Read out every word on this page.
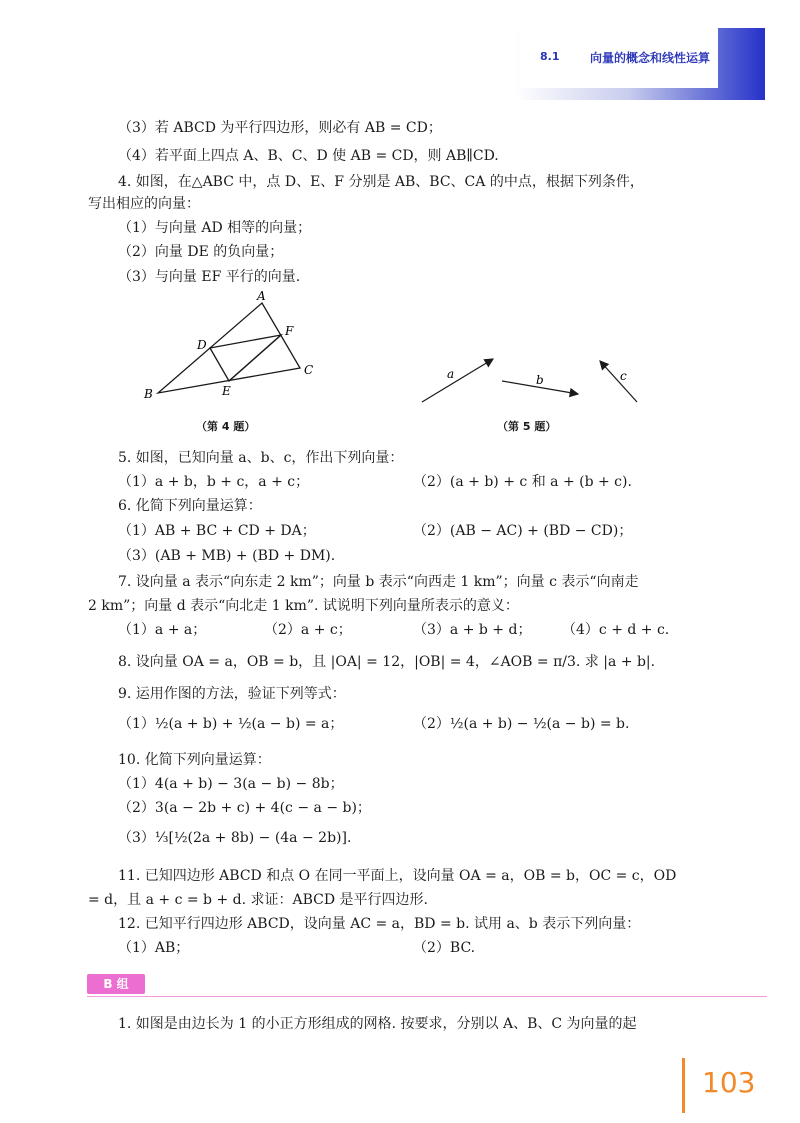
8.1	向量的概念和线性运算
（3）若 ABCD 为平行四边形，则必有 AB = CD；
（4）若平面上四点 A、B、C、D 使 AB = CD，则 AB∥CD.
4. 如图，在△ABC 中，点 D、E、F 分别是 AB、BC、CA 的中点，根据下列条件，
写出相应的向量：
（1）与向量 AD 相等的向量；
（2）向量 DE 的负向量；
（3）与向量 EF 平行的向量.
A
B
C
D
E
F
（第 4 题）
a	b	c
（第 5 题）
5. 如图，已知向量 a、b、c，作出下列向量：
（1）a + b，b + c，a + c；	（2）(a + b) + c 和 a + (b + c).
6. 化简下列向量运算：
（1）AB + BC + CD + DA；	（2）(AB − AC) + (BD − CD)；
（3）(AB + MB) + (BD + DM).
7. 设向量 a 表示“向东走 2 km”；向量 b 表示“向西走 1 km”；向量 c 表示“向南走
2 km”；向量 d 表示“向北走 1 km”. 试说明下列向量所表示的意义：
（1）a + a；	（2）a + c；	（3）a + b + d； （4）c + d + c.
8. 设向量 OA = a，OB = b，且 |OA| = 12，|OB| = 4，∠AOB = π/3. 求 |a + b|.
9. 运用作图的方法，验证下列等式：
（1）½(a + b) + ½(a − b) = a；	（2）½(a + b) − ½(a − b) = b.
10. 化简下列向量运算：
（1）4(a + b) − 3(a − b) − 8b；
（2）3(a − 2b + c) + 4(c − a − b)；
（3）⅓[½(2a + 8b) − (4a − 2b)].
11. 已知四边形 ABCD 和点 O 在同一平面上，设向量 OA = a，OB = b，OC = c，OD
= d，且 a + c = b + d. 求证：ABCD 是平行四边形.
12. 已知平行四边形 ABCD，设向量 AC = a，BD = b. 试用 a、b 表示下列向量：
（1）AB；	（2）BC.
B 组
1. 如图是由边长为 1 的小正方形组成的网格. 按要求，分别以 A、B、C 为向量的起
103
